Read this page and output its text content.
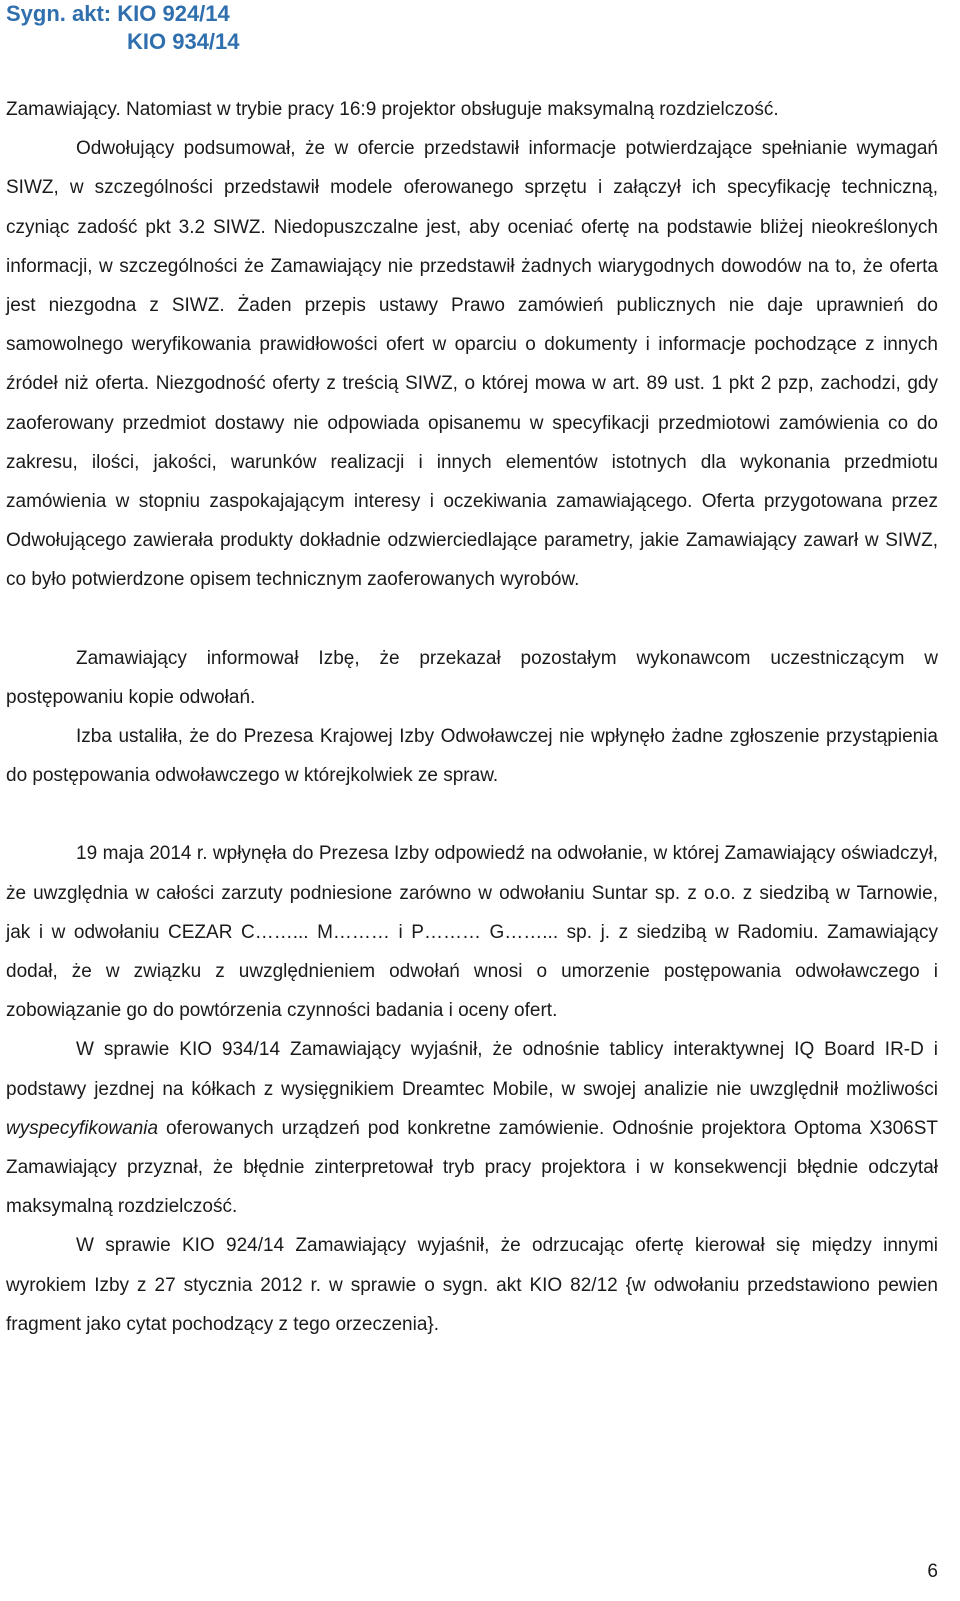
Sygn. akt: KIO 924/14
KIO 934/14

Zamawiający. Natomiast w trybie pracy 16:9 projektor obsługuje maksymalną rozdzielczość.

Odwołujący podsumował, że w ofercie przedstawił informacje potwierdzające spełnianie wymagań SIWZ, w szczególności przedstawił modele oferowanego sprzętu i załączył ich specyfikację techniczną, czyniąc zadość pkt 3.2 SIWZ. Niedopuszczalne jest, aby oceniać ofertę na podstawie bliżej nieokreślonych informacji, w szczególności że Zamawiający nie przedstawił żadnych wiarygodnych dowodów na to, że oferta jest niezgodna z SIWZ. Żaden przepis ustawy Prawo zamówień publicznych nie daje uprawnień do samowolnego weryfikowania prawidłowości ofert w oparciu o dokumenty i informacje pochodzące z innych źródeł niż oferta. Niezgodność oferty z treścią SIWZ, o której mowa w art. 89 ust. 1 pkt 2 pzp, zachodzi, gdy zaoferowany przedmiot dostawy nie odpowiada opisanemu w specyfikacji przedmiotowi zamówienia co do zakresu, ilości, jakości, warunków realizacji i innych elementów istotnych dla wykonania przedmiotu zamówienia w stopniu zaspokajającym interesy i oczekiwania zamawiającego. Oferta przygotowana przez Odwołującego zawierała produkty dokładnie odzwierciedlające parametry, jakie Zamawiający zawarł w SIWZ, co było potwierdzone opisem technicznym zaoferowanych wyrobów.

Zamawiający informował Izbę, że przekazał pozostałym wykonawcom uczestniczącym w postępowaniu kopie odwołań.

Izba ustaliła, że do Prezesa Krajowej Izby Odwoławczej nie wpłynęło żadne zgłoszenie przystąpienia do postępowania odwoławczego w którejkolwiek ze spraw.

19 maja 2014 r. wpłynęła do Prezesa Izby odpowiedź na odwołanie, w której Zamawiający oświadczył, że uwzględnia w całości zarzuty podniesione zarówno w odwołaniu Suntar sp. z o.o. z siedzibą w Tarnowie, jak i w odwołaniu CEZAR C……... M……… i P……… G……... sp. j. z siedzibą w Radomiu. Zamawiający dodał, że w związku z uwzględnieniem odwołań wnosi o umorzenie postępowania odwoławczego i zobowiązanie go do powtórzenia czynności badania i oceny ofert.

W sprawie KIO 934/14 Zamawiający wyjaśnił, że odnośnie tablicy interaktywnej IQ Board IR-D i podstawy jezdnej na kółkach z wysięgnikiem Dreamtec Mobile, w swojej analizie nie uwzględnił możliwości wyspecyfikowania oferowanych urządzeń pod konkretne zamówienie. Odnośnie projektora Optoma X306ST Zamawiający przyznał, że błędnie zinterpretował tryb pracy projektora i w konsekwencji błędnie odczytał maksymalną rozdzielczość.

W sprawie KIO 924/14 Zamawiający wyjaśnił, że odrzucając ofertę kierował się między innymi wyrokiem Izby z 27 stycznia 2012 r. w sprawie o sygn. akt KIO 82/12 {w odwołaniu przedstawiono pewien fragment jako cytat pochodzący z tego orzeczenia}.

6
